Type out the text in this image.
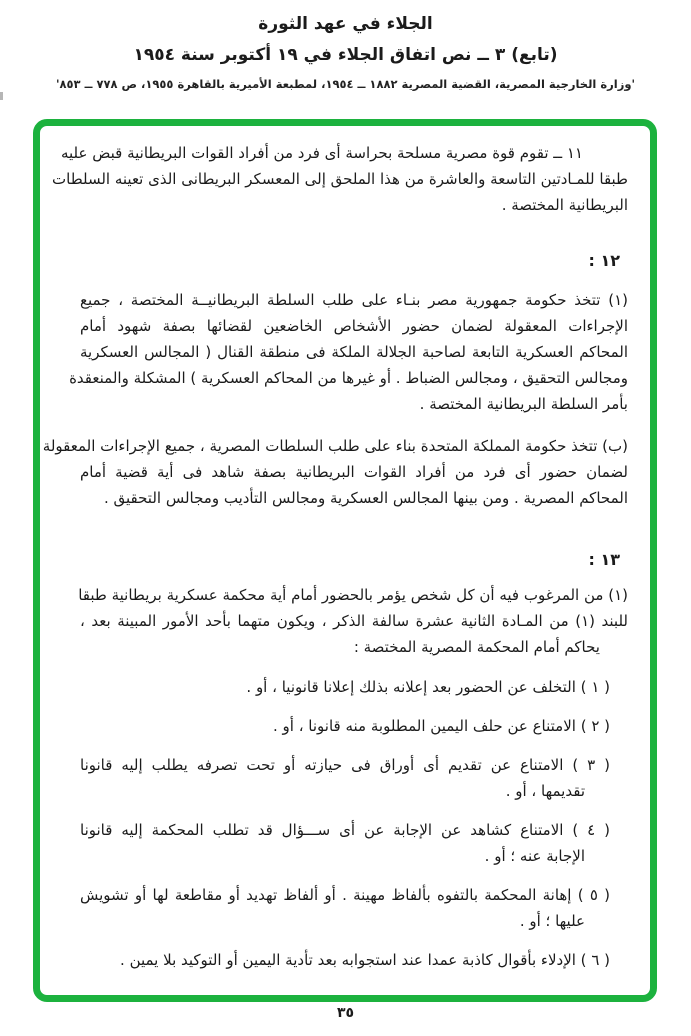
الجلاء في عهد الثورة
(تابع) ٣ ــ نص اتفاق الجلاء في ١٩ أكتوبر سنة ١٩٥٤
'وزارة الخارجية المصرية، القضية المصرية ١٨٨٢ ــ ١٩٥٤، لمطبعة الأميرية بالقاهرة ١٩٥٥، ص ٧٧٨ ــ ٨٥٣'
١١ ــ تقوم قوة مصرية مسلحة بحراسة أى فرد من أفراد القوات البريطانية قبض عليه
طبقا للمـادتين التاسعة والعاشرة من هذا الملحق إلى المعسكر البريطانى الذى تعينه السلطات
البريطانية المختصة .
١٢ :
(١) تتخذ حكومة جمهورية مصر بنـاء على طلب السلطة البريطانيــة المختصة ، جميع
الإجراءات المعقولة لضمان حضور الأشخاص الخاضعين لقضائها بصفة شهود أمام
المحاكم العسكرية التابعة لصاحبة الجلالة الملكة فى منطقة القنال ( المجالس العسكرية
ومجالس التحقيق ، ومجالس الضباط . أو غيرها من المحاكم العسكرية ) المشكلة والمنعقدة
بأمر السلطة البريطانية المختصة .
(ب) تتخذ حكومة المملكة المتحدة بناء على طلب السلطات المصرية ، جميع الإجراءات المعقولة
لضمان حضور أى فرد من أفراد القوات البريطانية بصفة شاهد فى أية قضية أمام
المحاكم المصرية . ومن بينها المجالس العسكرية ومجالس التأديب ومجالس التحقيق .
١٣ :
(١) من المرغوب فيه أن كل شخص يؤمر بالحضور أمام أية محكمة عسكرية بريطانية طبقا
للبند (١) من المـادة الثانية عشرة سالفة الذكر ، ويكون متهما بأحد الأمور المبينة بعد ،
يحاكم أمام المحكمة المصرية المختصة :
( ١ ) التخلف عن الحضور بعد إعلانه بذلك إعلانا قانونيا ، أو .
( ٢ ) الامتناع عن حلف اليمين المطلوبة منه قانونا ، أو .
( ٣ ) الامتناع عن تقديم أى أوراق فى حيازته أو تحت تصرفه يطلب إليه قانونا
تقديمها ، أو .
( ٤ ) الامتناع كشاهد عن الإجابة عن أى ســـؤال قد تطلب المحكمة إليه قانونا
الإجابة عنه ؛ أو .
( ٥ ) إهانة المحكمة بالتفوه بألفاظ مهينة . أو ألفاظ تهديد أو مقاطعة لها أو تشويش
عليها ؛ أو .
( ٦ ) الإدلاء بأقوال كاذبة عمدا عند استجوابه بعد تأدية اليمين أو التوكيد بلا يمين .
٣٥
